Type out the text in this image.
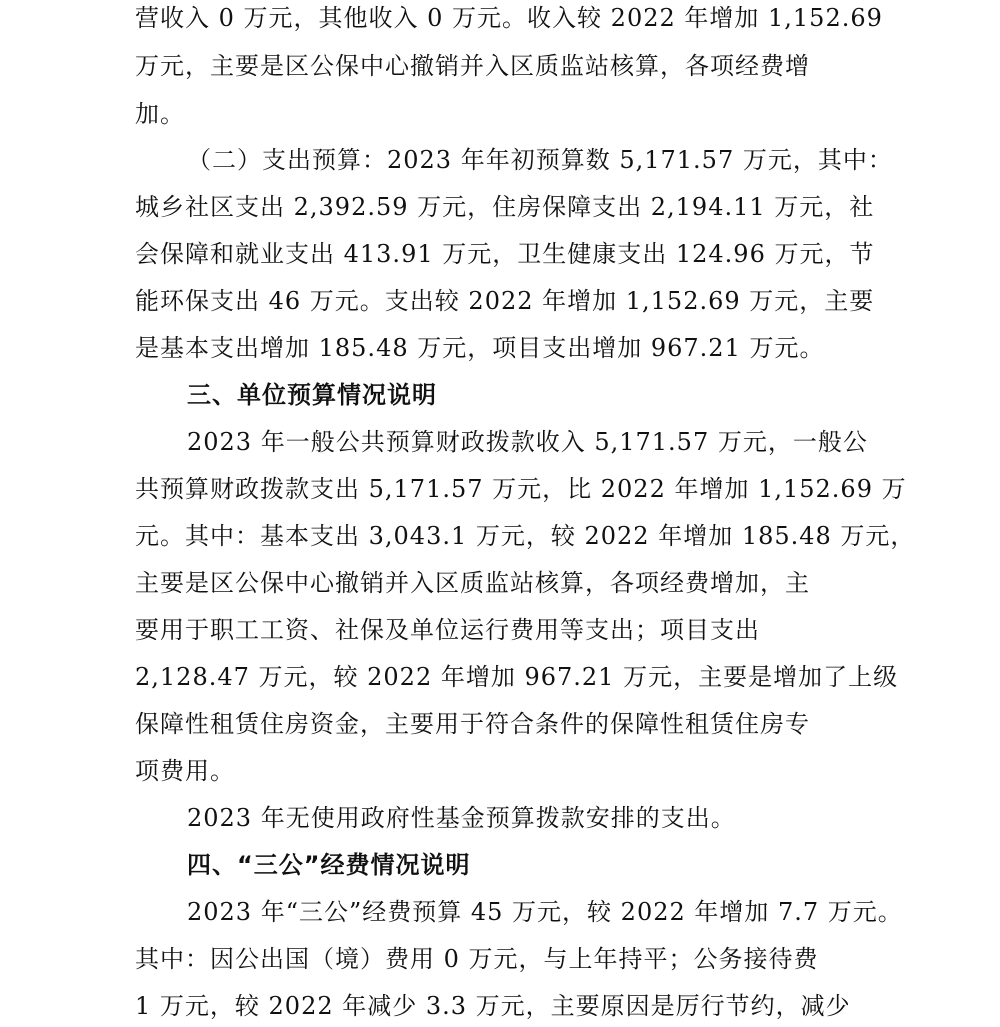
营收入 0 万元，其他收入 0 万元。收入较 2022 年增加 1,152.69
万元，主要是区公保中心撤销并入区质监站核算，各项经费增
加。
（二）支出预算：2023 年年初预算数 5,171.57 万元，其中：
城乡社区支出 2,392.59 万元，住房保障支出 2,194.11 万元，社
会保障和就业支出 413.91 万元，卫生健康支出 124.96 万元，节
能环保支出 46 万元。支出较 2022 年增加 1,152.69 万元，主要
是基本支出增加 185.48 万元，项目支出增加 967.21 万元。
三、单位预算情况说明
2023 年一般公共预算财政拨款收入 5,171.57 万元，一般公
共预算财政拨款支出 5,171.57 万元，比 2022 年增加 1,152.69 万
元。其中：基本支出 3,043.1 万元，较 2022 年增加 185.48 万元，
主要是区公保中心撤销并入区质监站核算，各项经费增加，主
要用于职工工资、社保及单位运行费用等支出；项目支出
2,128.47 万元，较 2022 年增加 967.21 万元，主要是增加了上级
保障性租赁住房资金，主要用于符合条件的保障性租赁住房专
项费用。
2023 年无使用政府性基金预算拨款安排的支出。
四、“三公”经费情况说明
2023 年“三公”经费预算 45 万元，较 2022 年增加 7.7 万元。
其中：因公出国（境）费用 0 万元，与上年持平；公务接待费
1 万元，较 2022 年减少 3.3 万元，主要原因是厉行节约，减少
